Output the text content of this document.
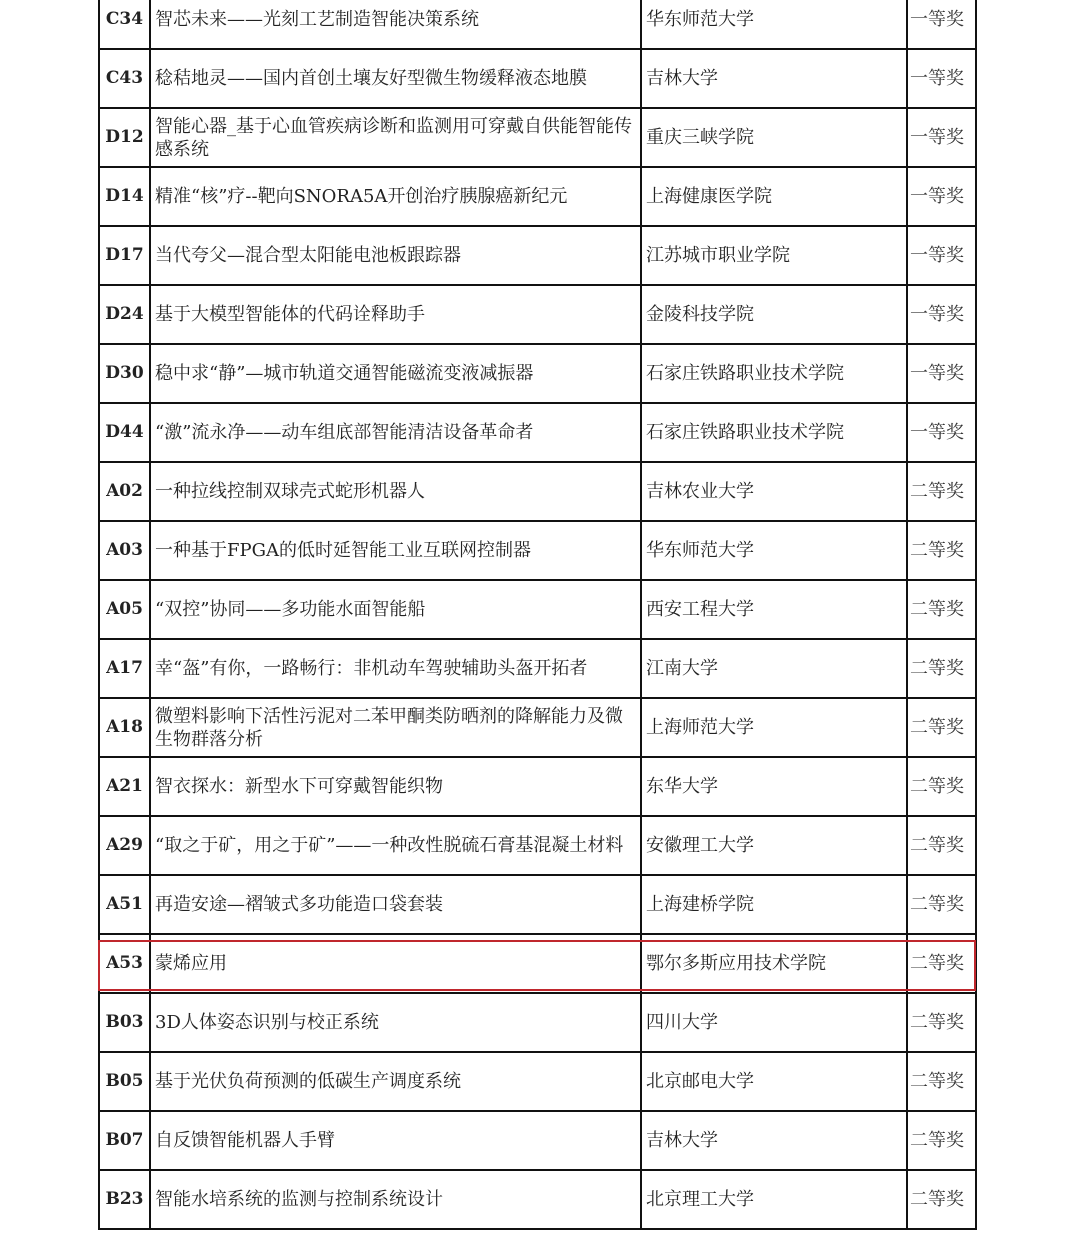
C34	智芯未来——光刻工艺制造智能决策系统	华东师范大学	一等奖
C43	稔秸地灵——国内首创土壤友好型微生物缓释液态地膜	吉林大学	一等奖
D12	智能心器_基于心血管疾病诊断和监测用可穿戴自供能智能传感系统	重庆三峡学院	一等奖
D14	精准“核”疗--靶向SNORA5A开创治疗胰腺癌新纪元	上海健康医学院	一等奖
D17	当代夸父—混合型太阳能电池板跟踪器	江苏城市职业学院	一等奖
D24	基于大模型智能体的代码诠释助手	金陵科技学院	一等奖
D30	稳中求“静”—城市轨道交通智能磁流变液减振器	石家庄铁路职业技术学院	一等奖
D44	“激”流永净——动车组底部智能清洁设备革命者	石家庄铁路职业技术学院	一等奖
A02	一种拉线控制双球壳式蛇形机器人	吉林农业大学	二等奖
A03	一种基于FPGA的低时延智能工业互联网控制器	华东师范大学	二等奖
A05	“双控”协同——多功能水面智能船	西安工程大学	二等奖
A17	幸“盔”有你，一路畅行：非机动车驾驶辅助头盔开拓者	江南大学	二等奖
A18	微塑料影响下活性污泥对二苯甲酮类防晒剂的降解能力及微生物群落分析	上海师范大学	二等奖
A21	智衣探水：新型水下可穿戴智能织物	东华大学	二等奖
A29	“取之于矿，用之于矿”——一种改性脱硫石膏基混凝土材料	安徽理工大学	二等奖
A51	再造安途—褶皱式多功能造口袋套装	上海建桥学院	二等奖
A53	蒙烯应用	鄂尔多斯应用技术学院	二等奖
B03	3D人体姿态识别与校正系统	四川大学	二等奖
B05	基于光伏负荷预测的低碳生产调度系统	北京邮电大学	二等奖
B07	自反馈智能机器人手臂	吉林大学	二等奖
B23	智能水培系统的监测与控制系统设计	北京理工大学	二等奖
